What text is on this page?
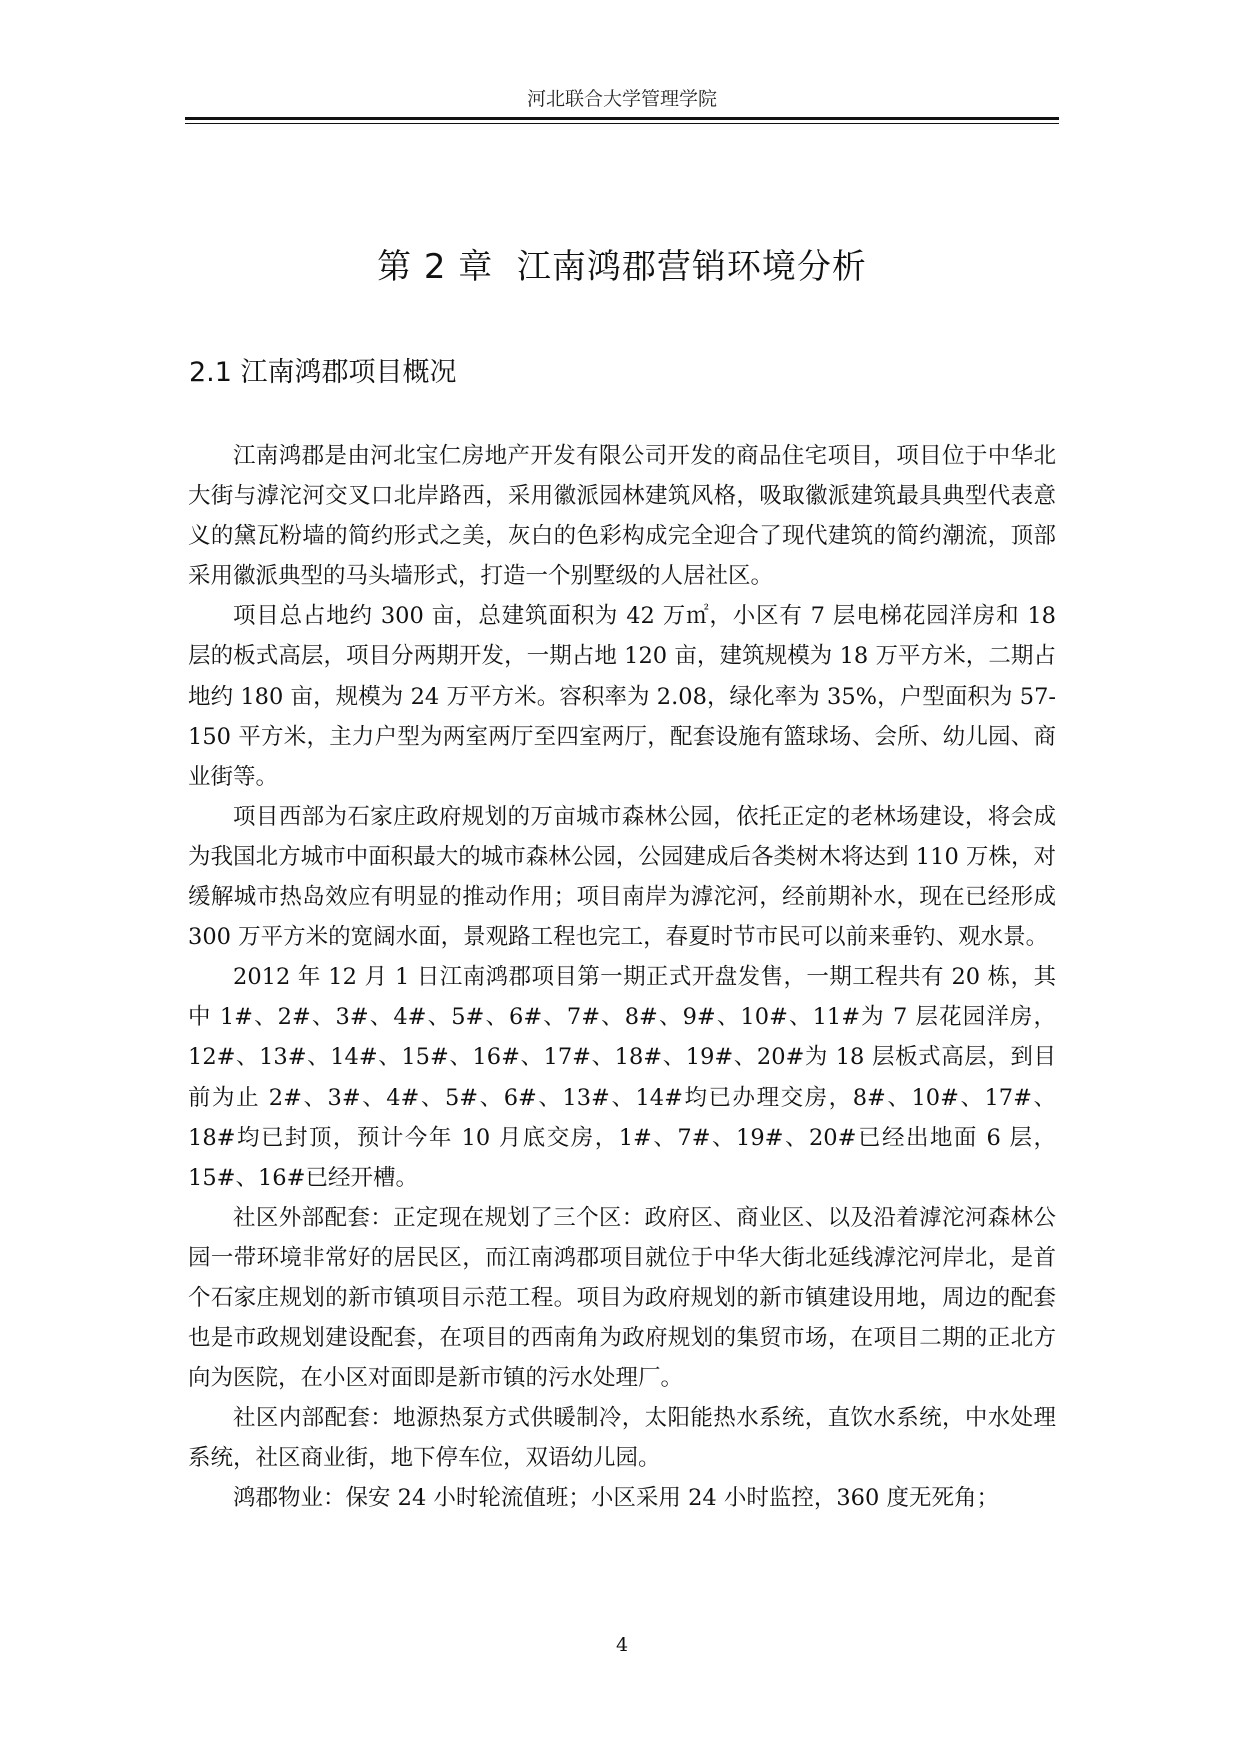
河北联合大学管理学院
第 2 章  江南鸿郡营销环境分析
2.1 江南鸿郡项目概况

江南鸿郡是由河北宝仁房地产开发有限公司开发的商品住宅项目，项目位于中华北大街与滹沱河交叉口北岸路西，采用徽派园林建筑风格，吸取徽派建筑最具典型代表意义的黛瓦粉墙的简约形式之美，灰白的色彩构成完全迎合了现代建筑的简约潮流，顶部采用徽派典型的马头墙形式，打造一个别墅级的人居社区。

项目总占地约 300 亩，总建筑面积为 42 万㎡，小区有 7 层电梯花园洋房和 18 层的板式高层，项目分两期开发，一期占地 120 亩，建筑规模为 18 万平方米，二期占地约 180 亩，规模为 24 万平方米。容积率为 2.08，绿化率为 35%，户型面积为 57-150 平方米，主力户型为两室两厅至四室两厅，配套设施有篮球场、会所、幼儿园、商业街等。

项目西部为石家庄政府规划的万亩城市森林公园，依托正定的老林场建设，将会成为我国北方城市中面积最大的城市森林公园，公园建成后各类树木将达到 110 万株，对缓解城市热岛效应有明显的推动作用；项目南岸为滹沱河，经前期补水，现在已经形成 300 万平方米的宽阔水面，景观路工程也完工，春夏时节市民可以前来垂钓、观水景。

2012 年 12 月 1 日江南鸿郡项目第一期正式开盘发售，一期工程共有 20 栋，其中 1#、2#、3#、4#、5#、6#、7#、8#、9#、10#、11#为 7 层花园洋房，12#、13#、14#、15#、16#、17#、18#、19#、20#为 18 层板式高层，到目前为止 2#、3#、4#、5#、6#、13#、14#均已办理交房，8#、10#、17#、18#均已封顶，预计今年 10 月底交房，1#、7#、19#、20#已经出地面 6 层，15#、16#已经开槽。

社区外部配套：正定现在规划了三个区：政府区、商业区、以及沿着滹沱河森林公园一带环境非常好的居民区，而江南鸿郡项目就位于中华大街北延线滹沱河岸北，是首个石家庄规划的新市镇项目示范工程。项目为政府规划的新市镇建设用地，周边的配套也是市政规划建设配套，在项目的西南角为政府规划的集贸市场，在项目二期的正北方向为医院，在小区对面即是新市镇的污水处理厂。

社区内部配套：地源热泵方式供暖制冷，太阳能热水系统，直饮水系统，中水处理系统，社区商业街，地下停车位，双语幼儿园。

鸿郡物业：保安 24 小时轮流值班；小区采用 24 小时监控，360 度无死角；

4
